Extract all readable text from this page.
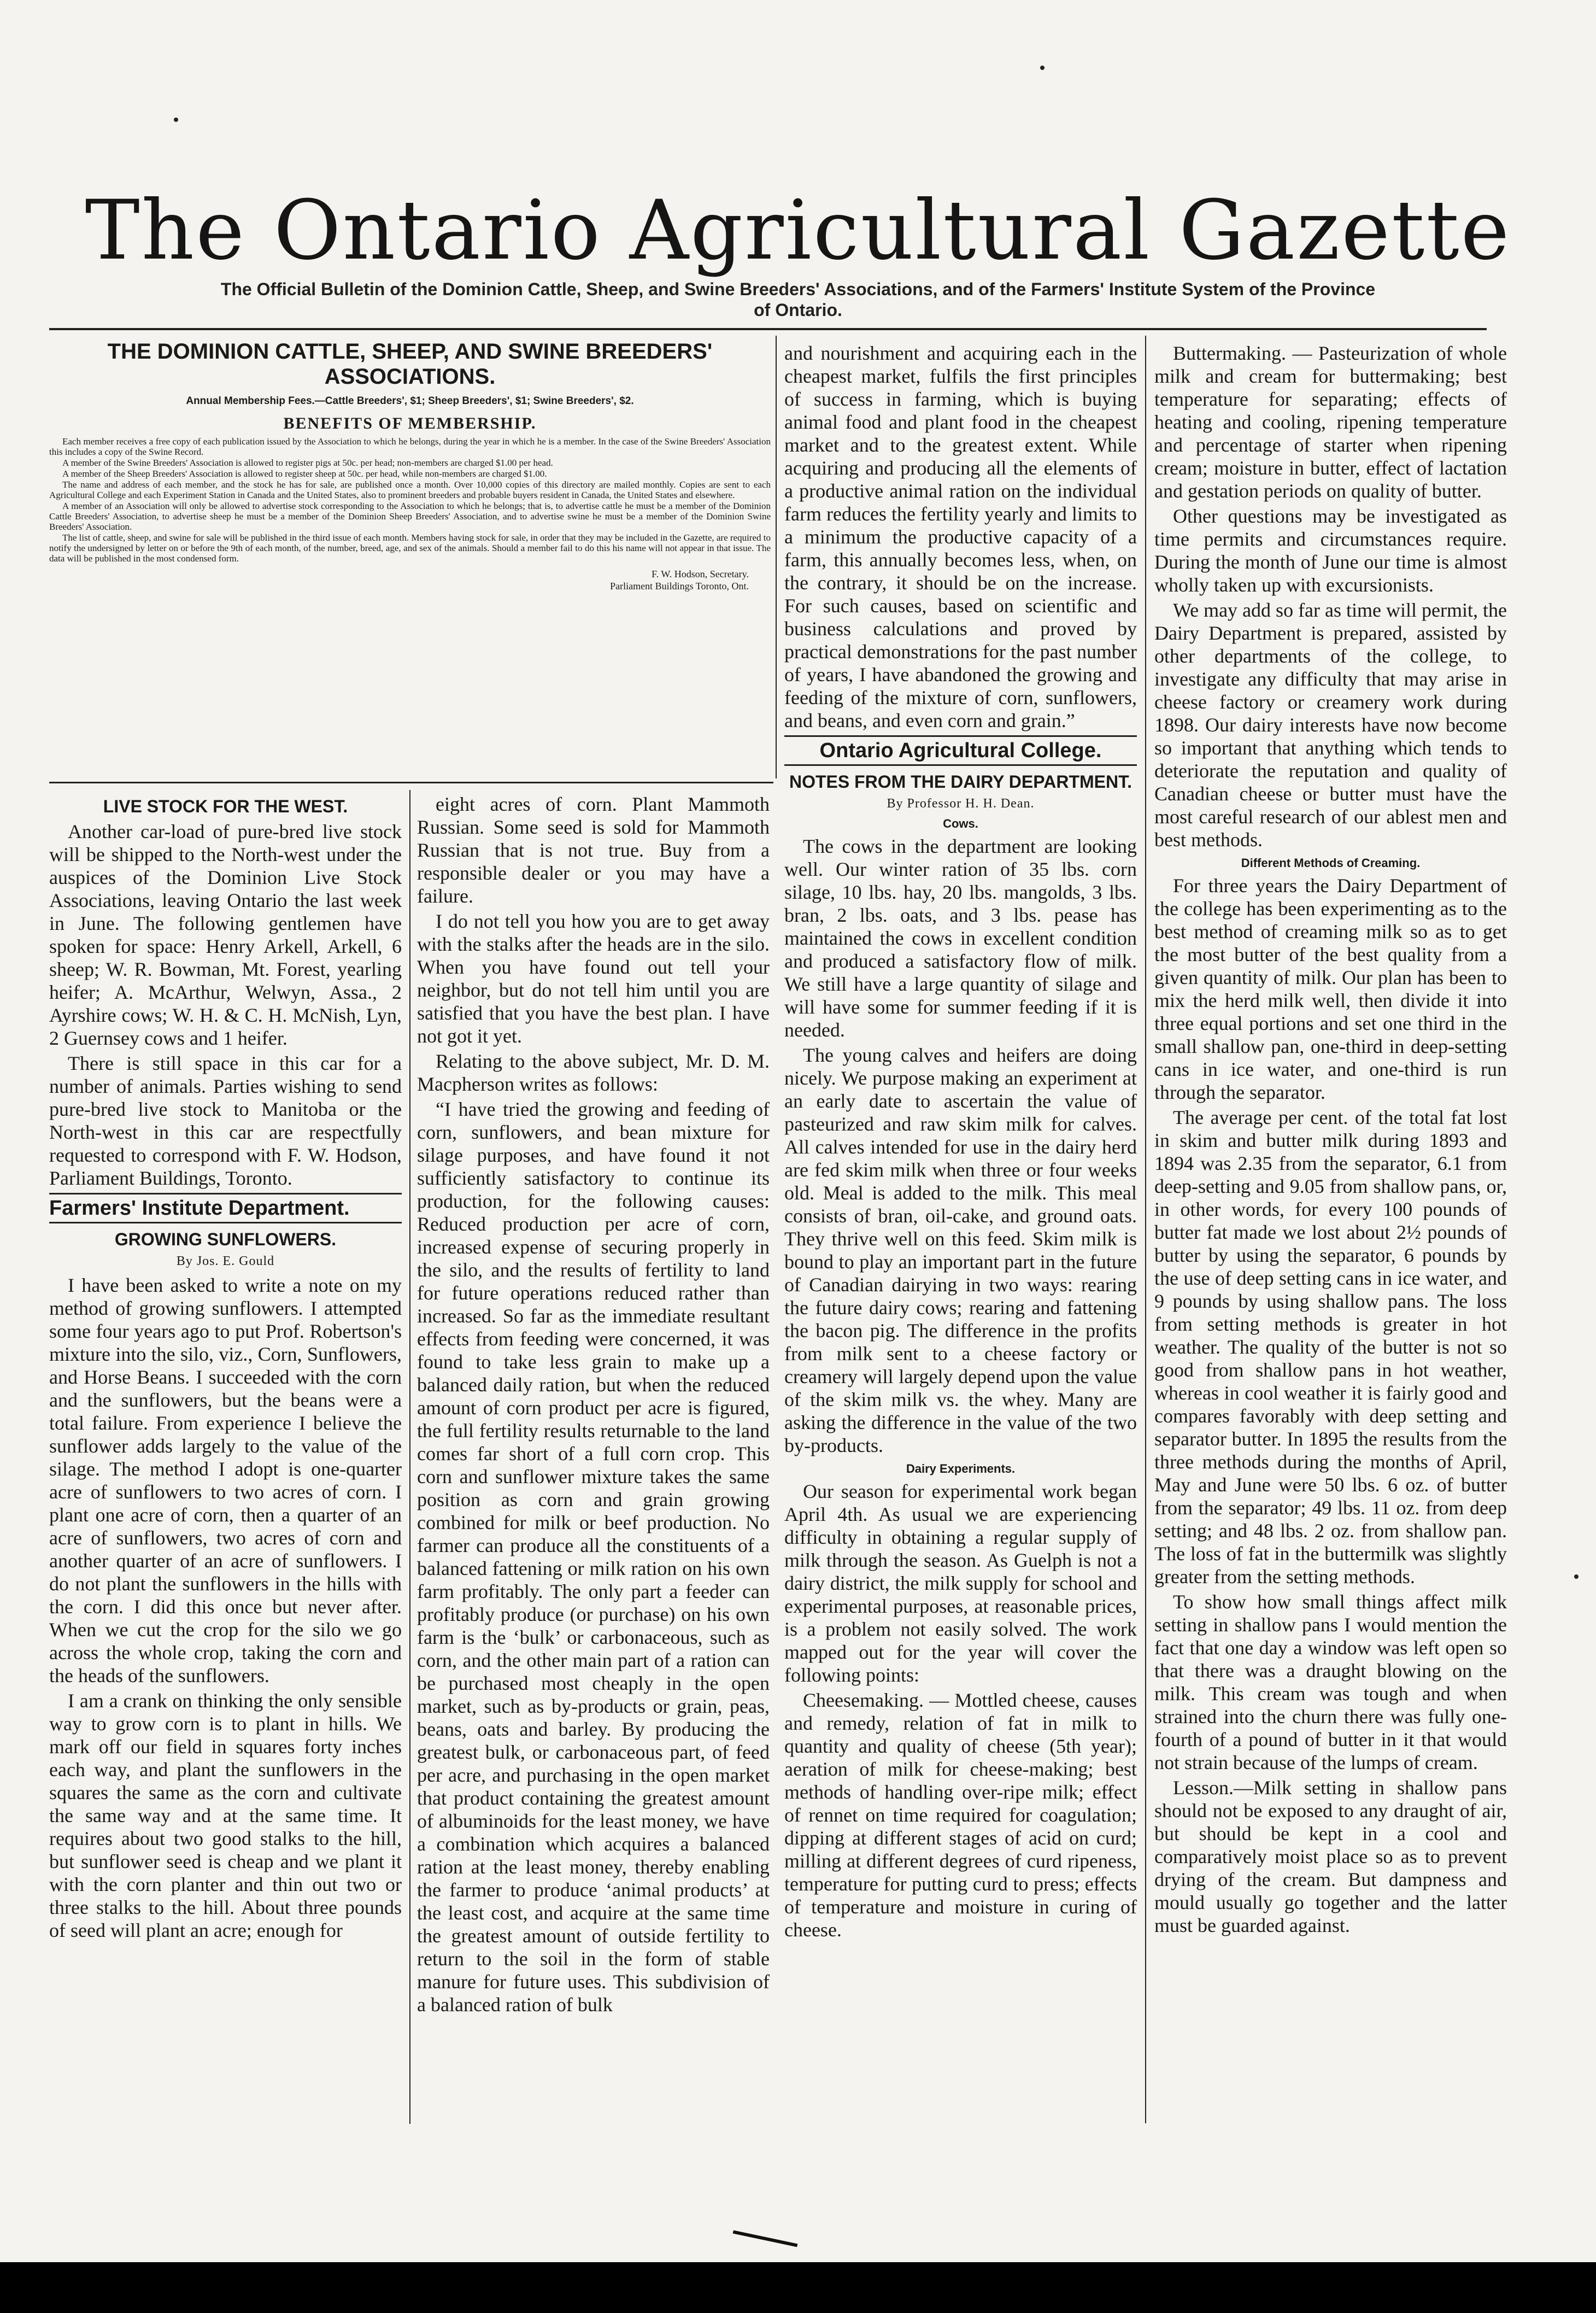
The Ontario Agricultural Gazette
The Official Bulletin of the Dominion Cattle, Sheep, and Swine Breeders' Associations, and of the Farmers' Institute System of the Province of Ontario.
THE DOMINION CATTLE, SHEEP, AND SWINE BREEDERS' ASSOCIATIONS.
Annual Membership Fees.—Cattle Breeders', $1; Sheep Breeders', $1; Swine Breeders', $2.
BENEFITS OF MEMBERSHIP.

Each member receives a free copy of each publication issued by the Association to which he belongs, during the year in which he is a member. In the case of the Swine Breeders' Association this includes a copy of the Swine Record.

A member of the Swine Breeders' Association is allowed to register pigs at 50c. per head; non-members are charged $1.00 per head.

A member of the Sheep Breeders' Association is allowed to register sheep at 50c. per head, while non-members are charged $1.00.

The name and address of each member, and the stock he has for sale, are published once a month. Over 10,000 copies of this directory are mailed monthly. Copies are sent to each Agricultural College and each Experiment Station in Canada and the United States, also to prominent breeders and probable buyers resident in Canada, the United States and elsewhere.

A member of an Association will only be allowed to advertise stock corresponding to the Association to which he belongs; that is, to advertise cattle he must be a member of the Dominion Cattle Breeders' Association, to advertise sheep he must be a member of the Dominion Sheep Breeders' Association, and to advertise swine he must be a member of the Dominion Swine Breeders' Association.

The list of cattle, sheep, and swine for sale will be published in the third issue of each month. Members having stock for sale, in order that they may be included in the Gazette, are required to notify the undersigned by letter on or before the 9th of each month, of the number, breed, age, and sex of the animals. Should a member fail to do this his name will not appear in that issue. The data will be published in the most condensed form.

F. W. Hodson, Secretary.
Parliament Buildings Toronto, Ont.
LIVE STOCK FOR THE WEST.

Another car-load of pure-bred live stock will be shipped to the North-west under the auspices of the Dominion Live Stock Associations, leaving Ontario the last week in June. The following gentlemen have spoken for space: Henry Arkell, Arkell, 6 sheep; W. R. Bowman, Mt. Forest, yearling heifer; A. McArthur, Welwyn, Assa., 2 Ayrshire cows; W. H. & C. H. McNish, Lyn, 2 Guernsey cows and 1 heifer.

There is still space in this car for a number of animals. Parties wishing to send pure-bred live stock to Manitoba or the North-west in this car are respectfully requested to correspond with F. W. Hodson, Parliament Buildings, Toronto.

Farmers' Institute Department.
GROWING SUNFLOWERS.
By Jos. E. Gould

I have been asked to write a note on my method of growing sunflowers. I attempted some four years ago to put Prof. Robertson's mixture into the silo, viz., Corn, Sunflowers, and Horse Beans. I succeeded with the corn and the sunflowers, but the beans were a total failure. From experience I believe the sunflower adds largely to the value of the silage. The method I adopt is one-quarter acre of sunflowers to two acres of corn. I plant one acre of corn, then a quarter of an acre of sunflowers, two acres of corn and another quarter of an acre of sunflowers. I do not plant the sunflowers in the hills with the corn. I did this once but never after. When we cut the crop for the silo we go across the whole crop, taking the corn and the heads of the sunflowers.

I am a crank on thinking the only sensible way to grow corn is to plant in hills. We mark off our field in squares forty inches each way, and plant the sunflowers in the squares the same as the corn and cultivate the same way and at the same time. It requires about two good stalks to the hill, but sunflower seed is cheap and we plant it with the corn planter and thin out two or three stalks to the hill. About three pounds of seed will plant an acre; enough for

eight acres of corn. Plant Mammoth Russian. Some seed is sold for Mammoth Russian that is not true. Buy from a responsible dealer or you may have a failure.

I do not tell you how you are to get away with the stalks after the heads are in the silo. When you have found out tell your neighbor, but do not tell him until you are satisfied that you have the best plan. I have not got it yet.

Relating to the above subject, Mr. D. M. Macpherson writes as follows:

“I have tried the growing and feeding of corn, sunflowers, and bean mixture for silage purposes, and have found it not sufficiently satisfactory to continue its production, for the following causes: Reduced production per acre of corn, increased expense of securing properly in the silo, and the results of fertility to land for future operations reduced rather than increased. So far as the immediate resultant effects from feeding were concerned, it was found to take less grain to make up a balanced daily ration, but when the reduced amount of corn product per acre is figured, the full fertility results returnable to the land comes far short of a full corn crop. This corn and sunflower mixture takes the same position as corn and grain growing combined for milk or beef production. No farmer can produce all the constituents of a balanced fattening or milk ration on his own farm profitably. The only part a feeder can profitably produce (or purchase) on his own farm is the ‘bulk’ or carbonaceous, such as corn, and the other main part of a ration can be purchased most cheaply in the open market, such as by-products or grain, peas, beans, oats and barley. By producing the greatest bulk, or carbonaceous part, of feed per acre, and purchasing in the open market that product containing the greatest amount of albuminoids for the least money, we have a combination which acquires a balanced ration at the least money, thereby enabling the farmer to produce ‘animal products’ at the least cost, and acquire at the same time the greatest amount of outside fertility to return to the soil in the form of stable manure for future uses. This subdivision of a balanced ration of bulk

and nourishment and acquiring each in the cheapest market, fulfils the first principles of success in farming, which is buying animal food and plant food in the cheapest market and to the greatest extent. While acquiring and producing all the elements of a productive animal ration on the individual farm reduces the fertility yearly and limits to a minimum the productive capacity of a farm, this annually becomes less, when, on the contrary, it should be on the increase. For such causes, based on scientific and business calculations and proved by practical demonstrations for the past number of years, I have abandoned the growing and feeding of the mixture of corn, sunflowers, and beans, and even corn and grain.”

Ontario Agricultural College.
NOTES FROM THE DAIRY DEPARTMENT.
By Professor H. H. Dean.
Cows.

The cows in the department are looking well. Our winter ration of 35 lbs. corn silage, 10 lbs. hay, 20 lbs. mangolds, 3 lbs. bran, 2 lbs. oats, and 3 lbs. pease has maintained the cows in excellent condition and produced a satisfactory flow of milk. We still have a large quantity of silage and will have some for summer feeding if it is needed.

The young calves and heifers are doing nicely. We purpose making an experiment at an early date to ascertain the value of pasteurized and raw skim milk for calves. All calves intended for use in the dairy herd are fed skim milk when three or four weeks old. Meal is added to the milk. This meal consists of bran, oil-cake, and ground oats. They thrive well on this feed. Skim milk is bound to play an important part in the future of Canadian dairying in two ways: rearing the future dairy cows; rearing and fattening the bacon pig. The difference in the profits from milk sent to a cheese factory or creamery will largely depend upon the value of the skim milk vs. the whey. Many are asking the difference in the value of the two by-products.

Dairy Experiments.

Our season for experimental work began April 4th. As usual we are experiencing difficulty in obtaining a regular supply of milk through the season. As Guelph is not a dairy district, the milk supply for school and experimental purposes, at reasonable prices, is a problem not easily solved. The work mapped out for the year will cover the following points:

Cheesemaking. — Mottled cheese, causes and remedy, relation of fat in milk to quantity and quality of cheese (5th year); aeration of milk for cheese-making; best methods of handling over-ripe milk; effect of rennet on time required for coagulation; dipping at different stages of acid on curd; milling at different degrees of curd ripeness, temperature for putting curd to press; effects of temperature and moisture in curing of cheese.

Buttermaking. — Pasteurization of whole milk and cream for buttermaking; best temperature for separating; effects of heating and cooling, ripening temperature and percentage of starter when ripening cream; moisture in butter, effect of lactation and gestation periods on quality of butter.

Other questions may be investigated as time permits and circumstances require. During the month of June our time is almost wholly taken up with excursionists.

We may add so far as time will permit, the Dairy Department is prepared, assisted by other departments of the college, to investigate any difficulty that may arise in cheese factory or creamery work during 1898. Our dairy interests have now become so important that anything which tends to deteriorate the reputation and quality of Canadian cheese or butter must have the most careful research of our ablest men and best methods.

Different Methods of Creaming.

For three years the Dairy Department of the college has been experimenting as to the best method of creaming milk so as to get the most butter of the best quality from a given quantity of milk. Our plan has been to mix the herd milk well, then divide it into three equal portions and set one third in the small shallow pan, one-third in deep-setting cans in ice water, and one-third is run through the separator.

The average per cent. of the total fat lost in skim and butter milk during 1893 and 1894 was 2.35 from the separator, 6.1 from deep-setting and 9.05 from shallow pans, or, in other words, for every 100 pounds of butter fat made we lost about 2½ pounds of butter by using the separator, 6 pounds by the use of deep setting cans in ice water, and 9 pounds by using shallow pans. The loss from setting methods is greater in hot weather. The quality of the butter is not so good from shallow pans in hot weather, whereas in cool weather it is fairly good and compares favorably with deep setting and separator butter. In 1895 the results from the three methods during the months of April, May and June were 50 lbs. 6 oz. of butter from the separator; 49 lbs. 11 oz. from deep setting; and 48 lbs. 2 oz. from shallow pan. The loss of fat in the buttermilk was slightly greater from the setting methods.

To show how small things affect milk setting in shallow pans I would mention the fact that one day a window was left open so that there was a draught blowing on the milk. This cream was tough and when strained into the churn there was fully one-fourth of a pound of butter in it that would not strain because of the lumps of cream.

Lesson.—Milk setting in shallow pans should not be exposed to any draught of air, but should be kept in a cool and comparatively moist place so as to prevent drying of the cream. But dampness and mould usually go together and the latter must be guarded against.
